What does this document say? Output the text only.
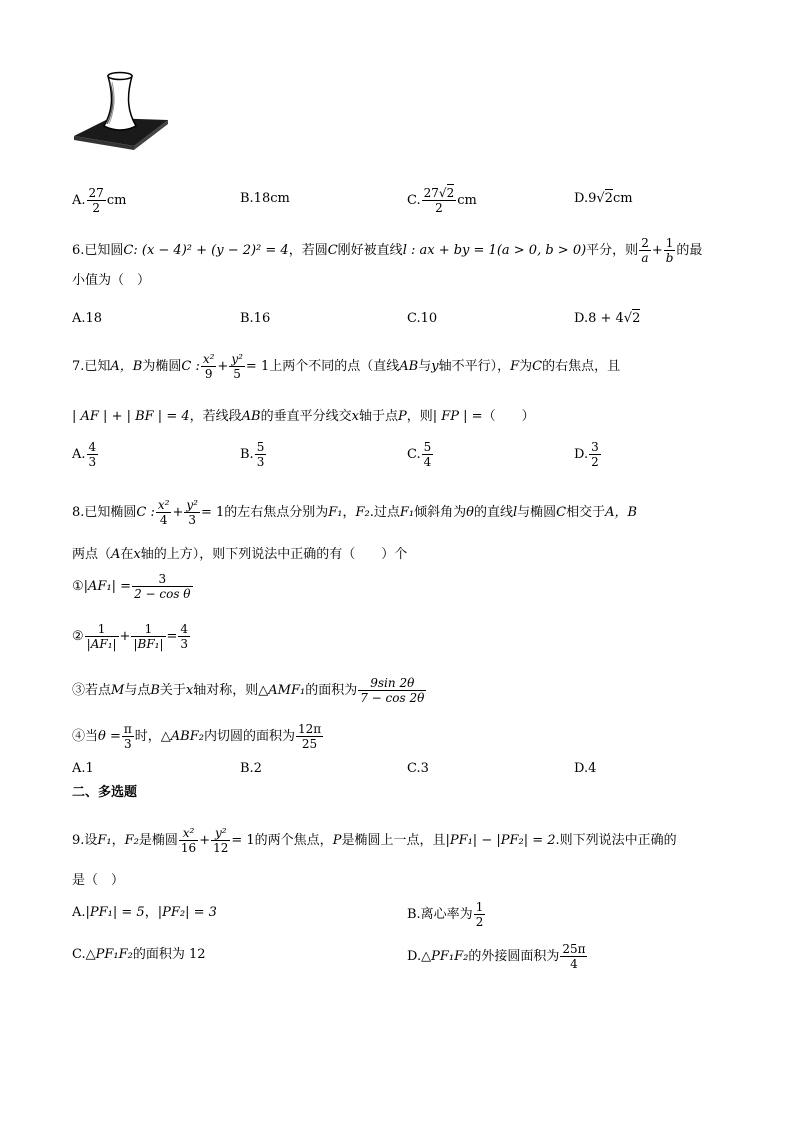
A. $\frac{27}{2}$ cm	B.18cm	C. $\frac{27√2}{2}$ cm	D.9√2cm
6.已知圆C: (x − 4)² + (y − 2)² = 4，若圆C刚好被直线l : ax + by = 1(a > 0, b > 0)平分，则 $\frac{2}{a} + \frac{1}{b}$ 的最
小值为（　）
A.18	B.16	C.10	D.8 + 4√2
7.已知A，B为椭圆C : $\frac{\text{x²}}{9} + \frac{\text{y²}}{5} = 1$上两个不同的点（直线AB与y轴不平行），F为C的右焦点，且
| AF | + | BF | = 4，若线段AB的垂直平分线交x轴于点P，则| FP | =（　　）
A. $\frac{4}{3}$	B. $\frac{5}{3}$	C. $\frac{5}{4}$	D. $\frac{3}{2}$
8.已知椭圆C : $\frac{\text{x²}}{4} + \frac{\text{y²}}{3} = 1$的左右焦点分别为F₁，F₂.过点F₁倾斜角为θ的直线l与椭圆C相交于A，B
两点（A在x轴的上方），则下列说法中正确的有（　　）个
①|AF₁| = $\frac{3}{\text{2 − cos θ}}$
② $\frac{1}{\text{|AF₁|}} + \frac{1}{\text{|BF₁|}} = \frac{4}{3}$
③若点M与点B关于x轴对称，则△AMF₁的面积为 $\frac{9\sin 2\theta}{7 - \cos 2\theta}$
④当$\theta = \frac{\pi}{3}$ 时，△ABF₂内切圆的面积为 $\frac{12\pi}{25}$
A.1	B.2	C.3	D.4
二、多选题
9.设F₁，F₂是椭圆 $\frac{\text{x²}}{16} + \frac{\text{y²}}{12} = 1$的两个焦点，P是椭圆上一点，且|PF₁| − |PF₂| = 2.则下列说法中正确的
是（　）
A.|PF₁| = 5，|PF₂| = 3	B.离心率为 $\frac{1}{2}$
C.△PF₁F₂的面积为 12	D.△PF₁F₂的外接圆面积为 $\frac{25\pi}{4}$
